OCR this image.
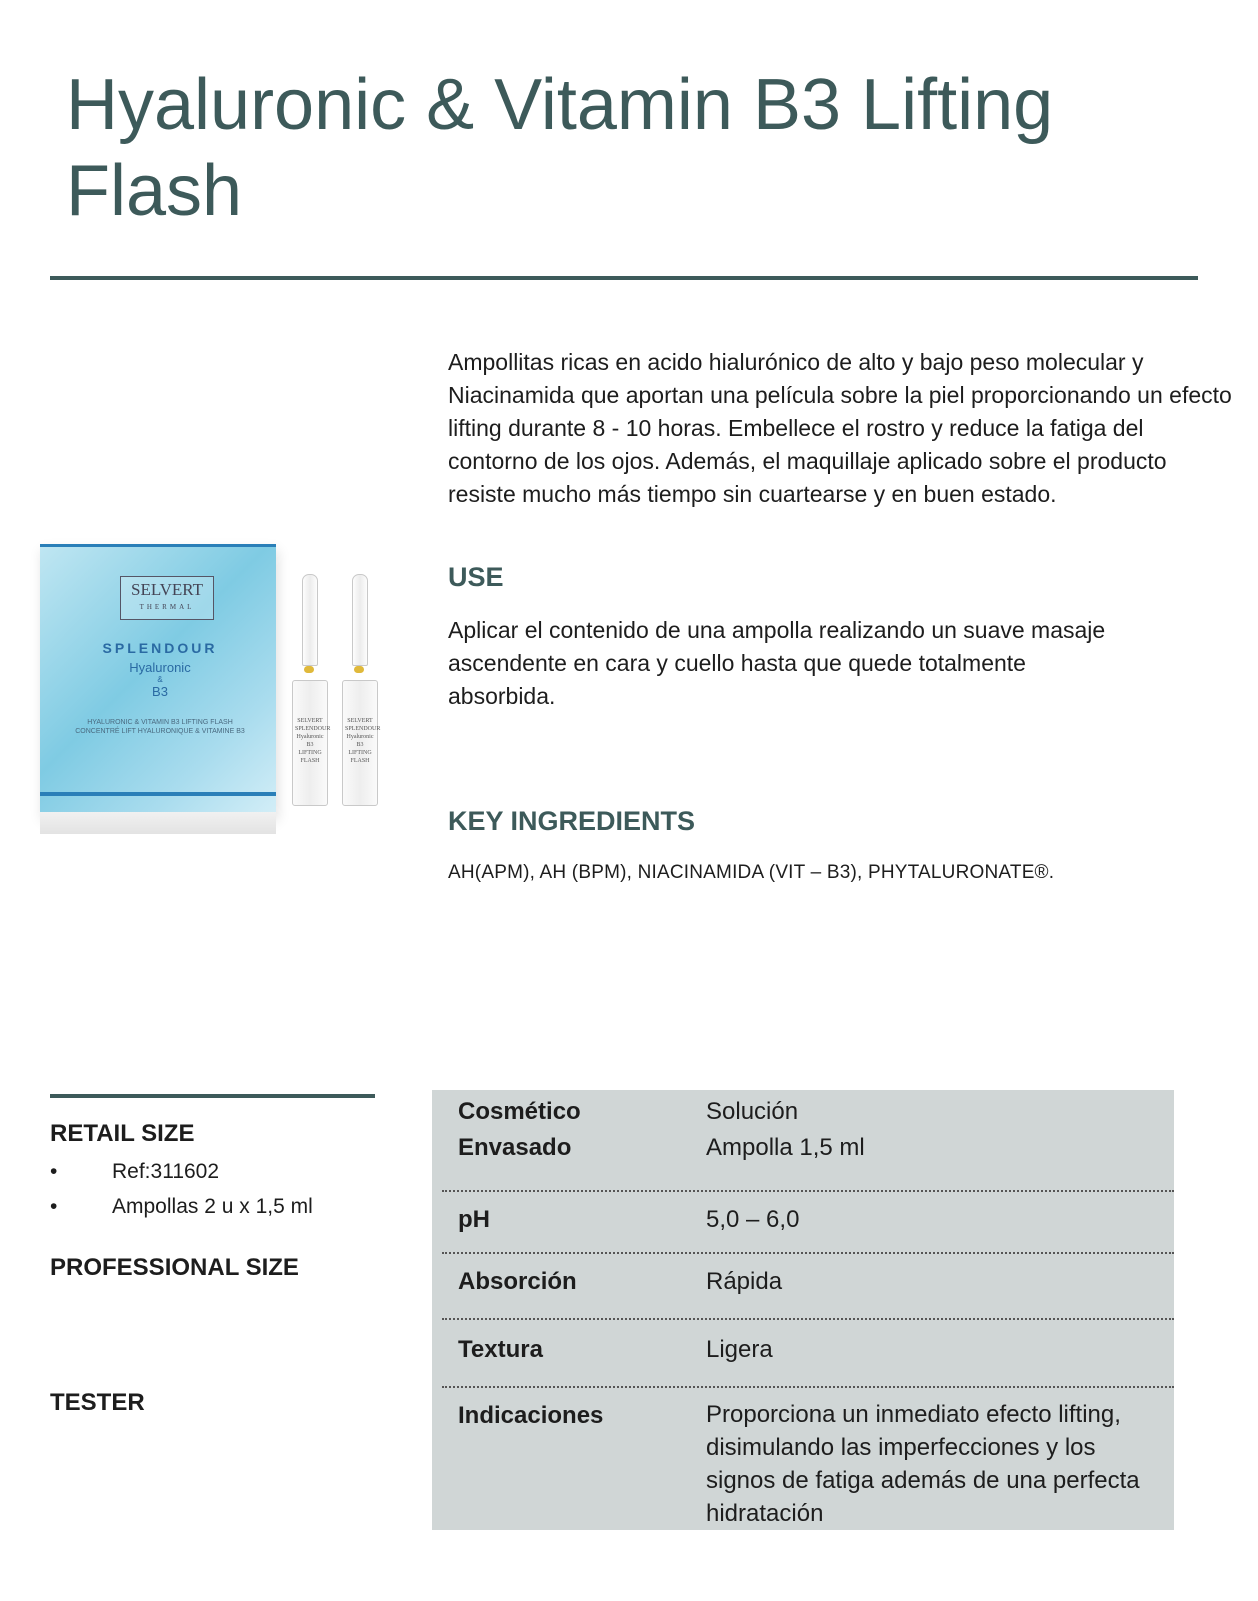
Hyaluronic & Vitamin B3 Lifting Flash
SELVERT
THERMAL
SPLENDOUR
Hyaluronic
&
B3
HYALURONIC & VITAMIN B3 LIFTING FLASH CONCENTRÉ LIFT HYALURONIQUE & VITAMINE B3
SELVERT SPLENDOUR Hyaluronic B3 LIFTING FLASH
SELVERT SPLENDOUR Hyaluronic B3 LIFTING FLASH

Ampollitas ricas en acido hialurónico de alto y bajo peso molecular y Niacinamida que aportan una película sobre la piel proporcionando un efecto lifting durante 8 - 10 horas. Embellece el rostro y reduce la fatiga del contorno de los ojos. Además, el maquillaje aplicado sobre el producto resiste mucho más tiempo sin cuartearse y en buen estado.

USE

Aplicar el contenido de una ampolla realizando un suave masaje ascendente en cara y cuello hasta que quede totalmente absorbida.

KEY INGREDIENTS

AH(APM), AH (BPM), NIACINAMIDA (VIT – B3), PHYTALURONATE®.

RETAIL SIZE
•	Ref:311602
•	Ampollas 2 u x 1,5 ml
PROFESSIONAL SIZE
TESTER
Cosmético	Solución
Envasado	Ampolla 1,5 ml
pH	5,0 – 6,0
Absorción	Rápida
Textura	Ligera
Indicaciones	Proporciona un inmediato efecto lifting, disimulando las imperfecciones y los signos de fatiga además de una perfecta hidratación
